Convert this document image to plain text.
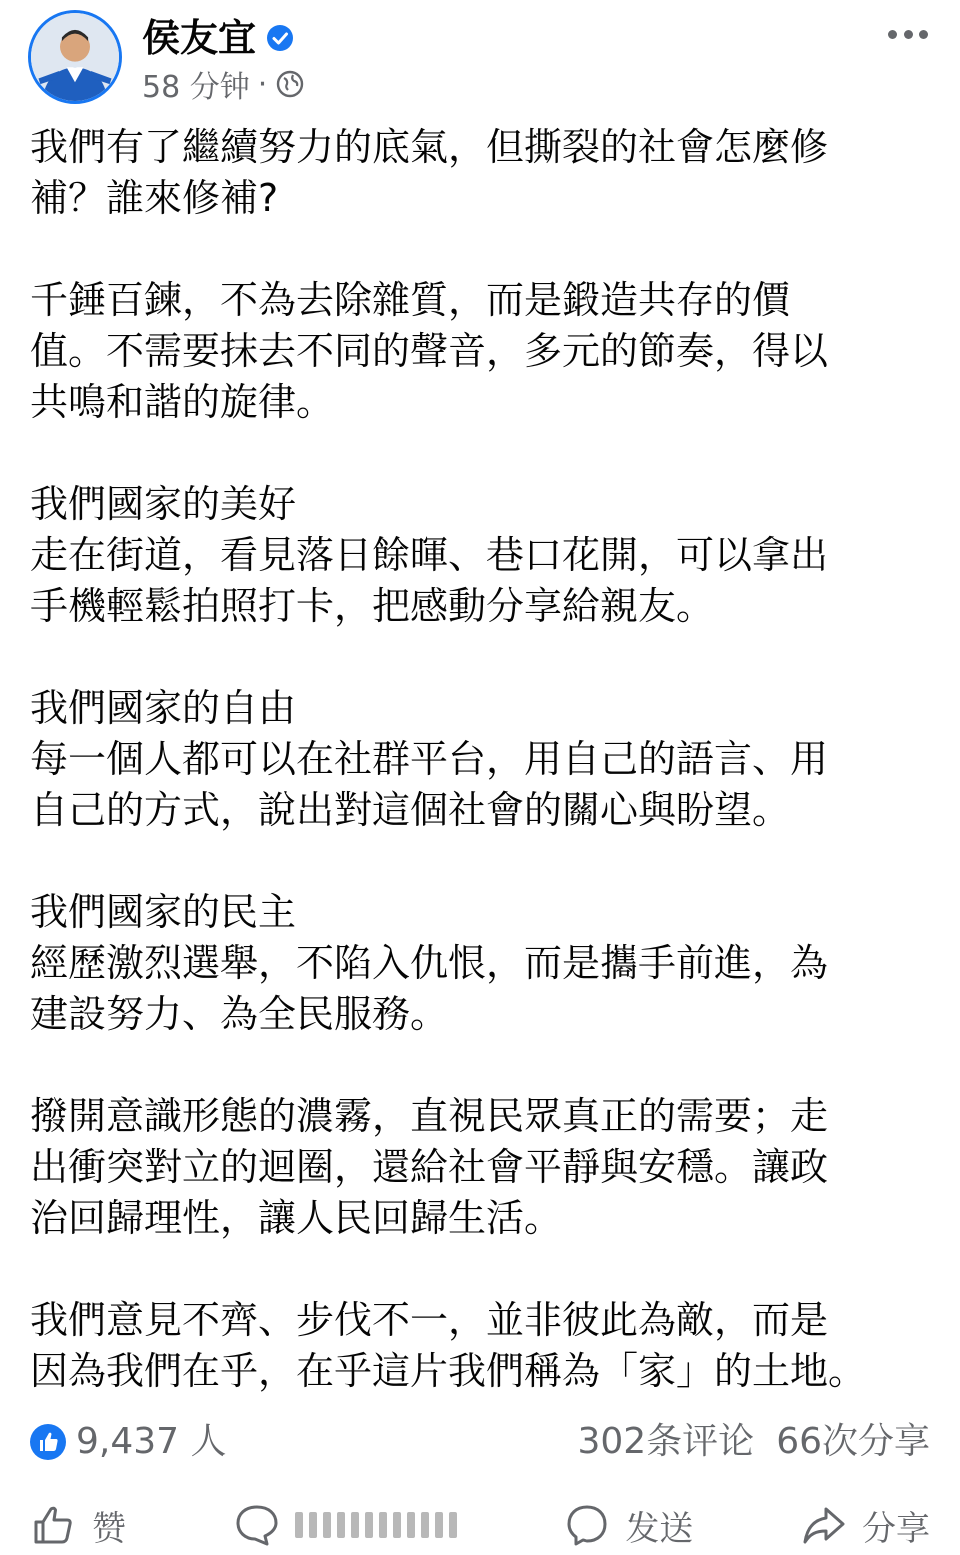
侯友宜
58 分钟 ·

我們有了繼續努力的底氣，但撕裂的社會怎麼修
補？誰來修補?

千錘百鍊，不為去除雜質，而是鍛造共存的價
值。不需要抹去不同的聲音，多元的節奏，得以
共鳴和諧的旋律。

我們國家的美好
走在街道，看見落日餘暉、巷口花開，可以拿出
手機輕鬆拍照打卡，把感動分享給親友。

我們國家的自由
每一個人都可以在社群平台，用自己的語言、用
自己的方式，說出對這個社會的關心與盼望。

我們國家的民主
經歷激烈選舉，不陷入仇恨，而是攜手前進，為
建設努力、為全民服務。

撥開意識形態的濃霧，直視民眾真正的需要；走
出衝突對立的迴圈，還給社會平靜與安穩。讓政
治回歸理性，讓人民回歸生活。

我們意見不齊、步伐不一，並非彼此為敵，而是
因為我們在乎，在乎這片我們稱為「家」的土地。

9,437 人	302条评论 66次分享
赞	发送	分享
